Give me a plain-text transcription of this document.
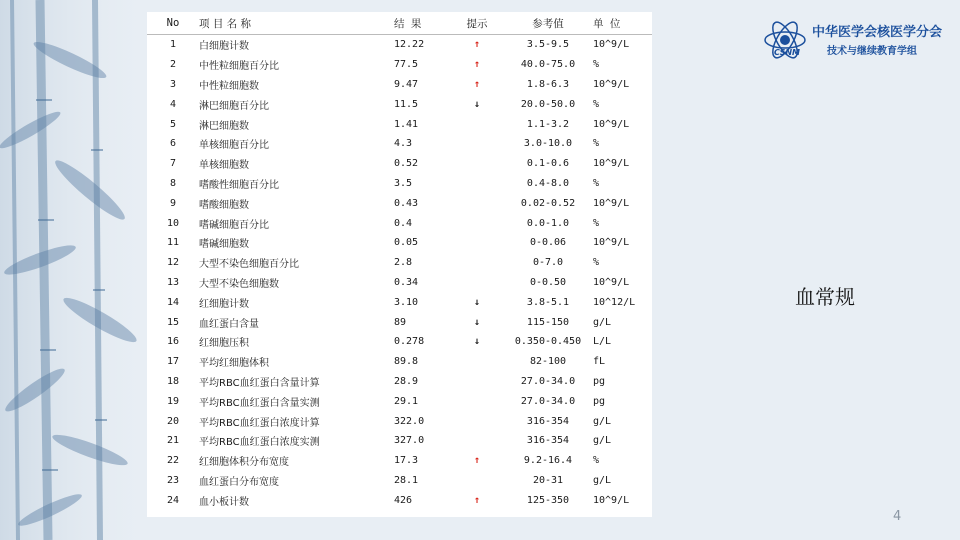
No	项 目 名 称	结 果	提示	参考值	单 位
1	白细胞计数	12.22	↑	3.5-9.5	10^9/L
2	中性粒细胞百分比	77.5	↑	40.0-75.0	%
3	中性粒细胞数	9.47	↑	1.8-6.3	10^9/L
4	淋巴细胞百分比	11.5	↓	20.0-50.0	%
5	淋巴细胞数	1.41		1.1-3.2	10^9/L
6	单核细胞百分比	4.3		3.0-10.0	%
7	单核细胞数	0.52		0.1-0.6	10^9/L
8	嗜酸性细胞百分比	3.5		0.4-8.0	%
9	嗜酸细胞数	0.43		0.02-0.52	10^9/L
10	嗜碱细胞百分比	0.4		0.0-1.0	%
11	嗜碱细胞数	0.05		0-0.06	10^9/L
12	大型不染色细胞百分比	2.8		0-7.0	%
13	大型不染色细胞数	0.34		0-0.50	10^9/L
14	红细胞计数	3.10	↓	3.8-5.1	10^12/L
15	血红蛋白含量	89	↓	115-150	g/L
16	红细胞压积	0.278	↓	0.350-0.450	L/L
17	平均红细胞体积	89.8		82-100	fL
18	平均RBC血红蛋白含量计算	28.9		27.0-34.0	pg
19	平均RBC血红蛋白含量实测	29.1		27.0-34.0	pg
20	平均RBC血红蛋白浓度计算	322.0		316-354	g/L
21	平均RBC血红蛋白浓度实测	327.0		316-354	g/L
22	红细胞体积分布宽度	17.3	↑	9.2-16.4	%
23	血红蛋白分布宽度	28.1		20-31	g/L
24	血小板计数	426	↑	125-350	10^9/L
CSNM
中华医学会核医学分会
技术与继续教育学组
血常规
4
